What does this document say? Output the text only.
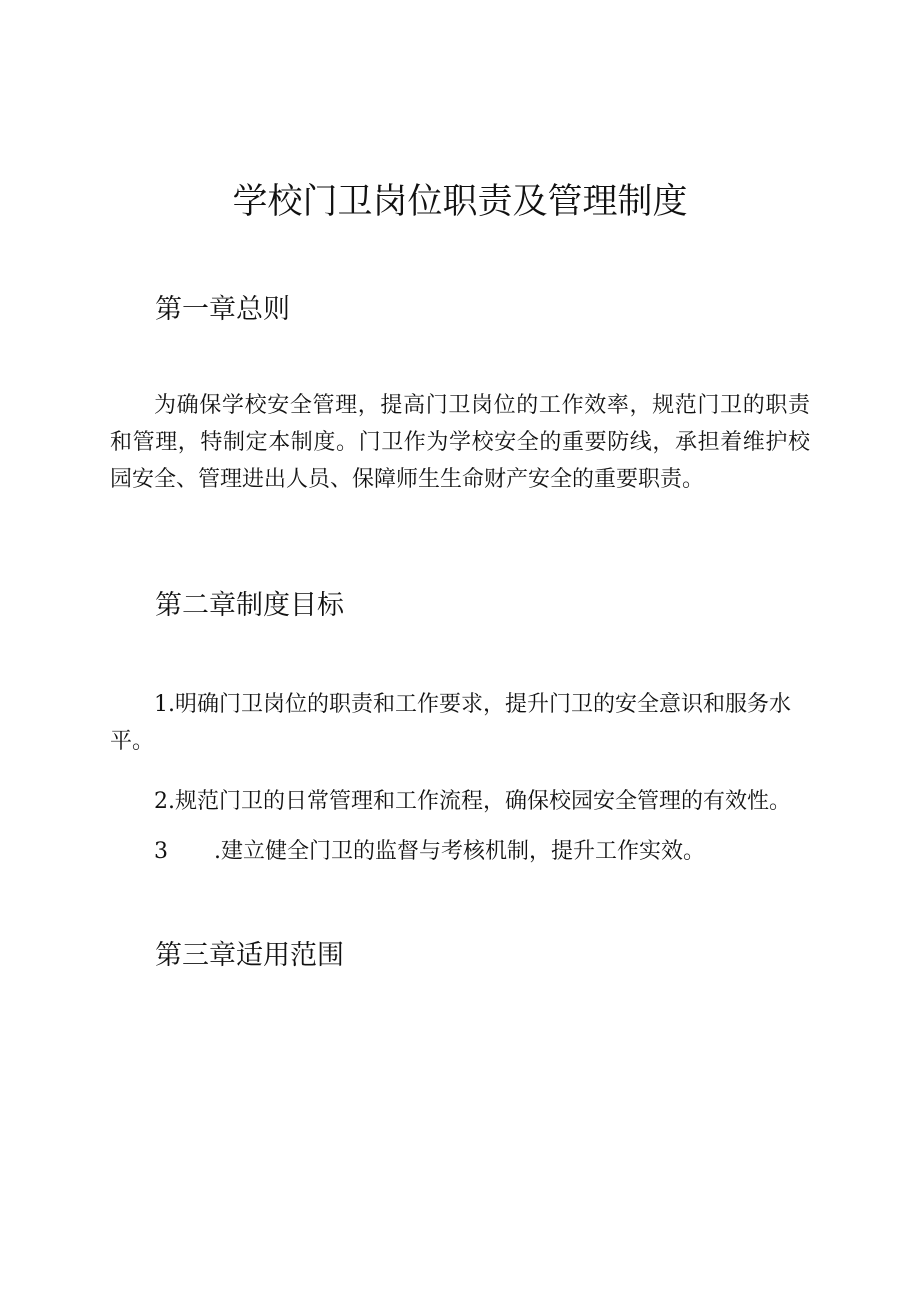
学校门卫岗位职责及管理制度
第一章总则

为确保学校安全管理，提高门卫岗位的工作效率，规范门卫的职责和管理，特制定本制度。门卫作为学校安全的重要防线，承担着维护校园安全、管理进出人员、保障师生生命财产安全的重要职责。

第二章制度目标
1.明确门卫岗位的职责和工作要求，提升门卫的安全意识和服务水平。
2.规范门卫的日常管理和工作流程，确保校园安全管理的有效性。
3 .建立健全门卫的监督与考核机制，提升工作实效。
第三章适用范围
